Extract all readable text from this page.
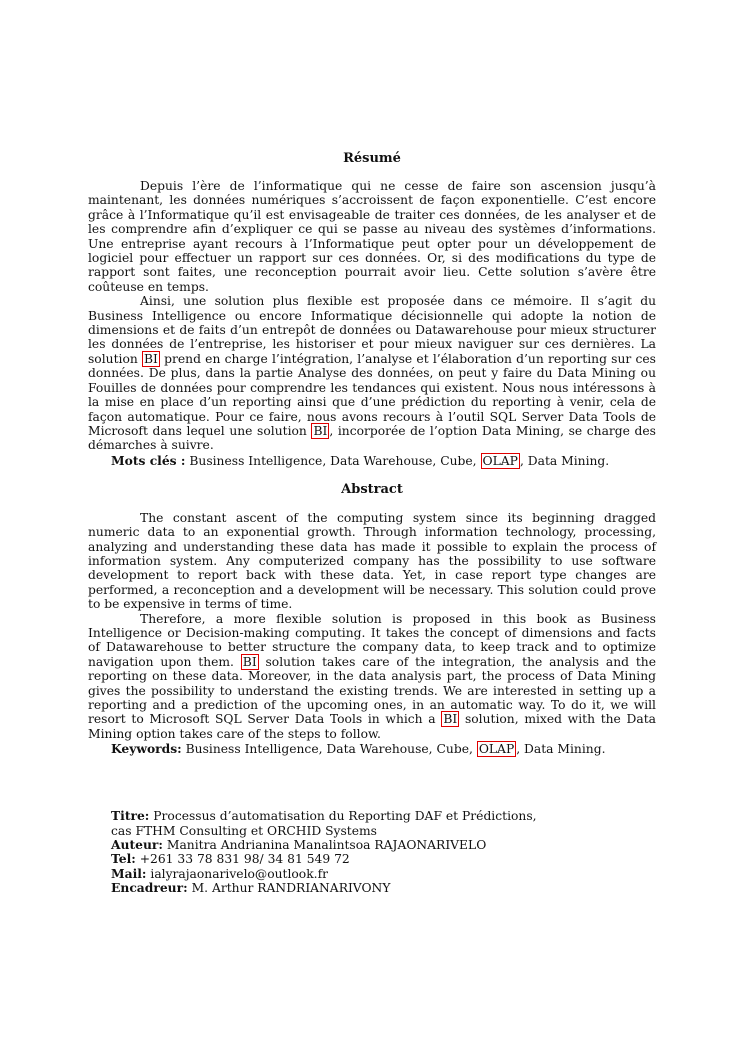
Résumé

Depuis l’ère de l’informatique qui ne cesse de faire son ascension jusqu’à maintenant, les données numériques s’accroissent de façon exponentielle. C’est encore grâce à l’Informatique qu’il est envisageable de traiter ces données, de les analyser et de les comprendre afin d’expliquer ce qui se passe au niveau des systèmes d’informations. Une entreprise ayant recours à l’Informatique peut opter pour un développement de logiciel pour effectuer un rapport sur ces données. Or, si des modifications du type de rapport sont faites, une reconception pourrait avoir lieu. Cette solution s’avère être coûteuse en temps.

Ainsi, une solution plus flexible est proposée dans ce mémoire. Il s’agit du Business Intelligence ou encore Informatique décisionnelle qui adopte la notion de dimensions et de faits d’un entrepôt de données ou Datawarehouse pour mieux structurer les données de l’entreprise, les historiser et pour mieux naviguer sur ces dernières. La solution BI prend en charge l’intégration, l’analyse et l’élaboration d’un reporting sur ces données. De plus, dans la partie Analyse des données, on peut y faire du Data Mining ou Fouilles de données pour comprendre les tendances qui existent. Nous nous intéressons à la mise en place d’un reporting ainsi que d’une prédiction du reporting à venir, cela de façon automatique. Pour ce faire, nous avons recours à l’outil SQL Server Data Tools de Microsoft dans lequel une solution BI , incorporée de l’option Data Mining, se charge des démarches à suivre.

Mots clés : Business Intelligence, Data Warehouse, Cube, OLAP , Data Mining.

Abstract

The constant ascent of the computing system since its beginning dragged numeric data to an exponential growth. Through information technology, processing, analyzing and understanding these data has made it possible to explain the process of information system. Any computerized company has the possibility to use software development to report back with these data. Yet, in case report type changes are performed, a reconception and a development will be necessary. This solution could prove to be expensive in terms of time.

Therefore, a more flexible solution is proposed in this book as Business Intelligence or Decision-making computing. It takes the concept of dimensions and facts of Datawarehouse to better structure the company data, to keep track and to optimize navigation upon them. BI solution takes care of the integration, the analysis and the reporting on these data. Moreover, in the data analysis part, the process of Data Mining gives the possibility to understand the existing trends. We are interested in setting up a reporting and a prediction of the upcoming ones, in an automatic way. To do it, we will resort to Microsoft SQL Server Data Tools in which a BI solution, mixed with the Data Mining option takes care of the steps to follow.

Keywords: Business Intelligence, Data Warehouse, Cube, OLAP , Data Mining.

Titre: Processus d’automatisation du Reporting DAF et Prédictions,
cas FTHM Consulting et ORCHID Systems
Auteur: Manitra Andrianina Manalintsoa RAJAONARIVELO
Tel: +261 33 78 831 98/ 34 81 549 72
Mail: ialyrajaonarivelo@outlook.fr
Encadreur: M. Arthur RANDRIANARIVONY
